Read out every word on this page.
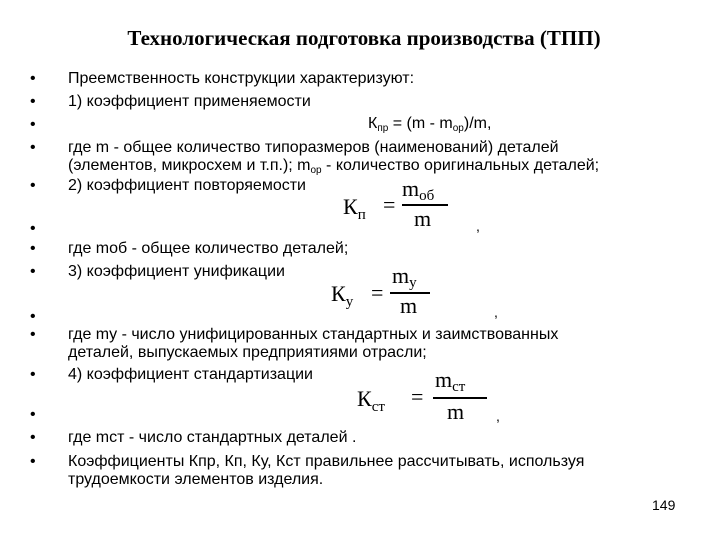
Технологическая подготовка производства (ТПП)
•
•
•
•
•
•
•
•
•
•
•
•
•
•
Преемственность конструкции характеризуют:
1) коэффициент применяемости
$К_{пр} = (m - m_{ор})/m$,
где m - общее количество типоразмеров (наименований) деталей
(элементов, микросхем и т.п.); $m_{ор}$ - количество оригинальных деталей;
2) коэффициент повторяемости
$К_п$ =
$m_{об}$
m	,
где mоб - общее количество деталей;
3) коэффициент унификации
$К_у$ =
$m_у$
m	,
где mу - число унифицированных стандартных и заимствованных
деталей, выпускаемых предприятиями отрасли;
4) коэффициент стандартизации
$К_{ст}$ =
$m_{ст}$
m ,
где mст - число стандартных деталей .
Коэффициенты Кпр, Кп, Ку, Кст правильнее рассчитывать, используя
трудоемкости элементов изделия.
149
